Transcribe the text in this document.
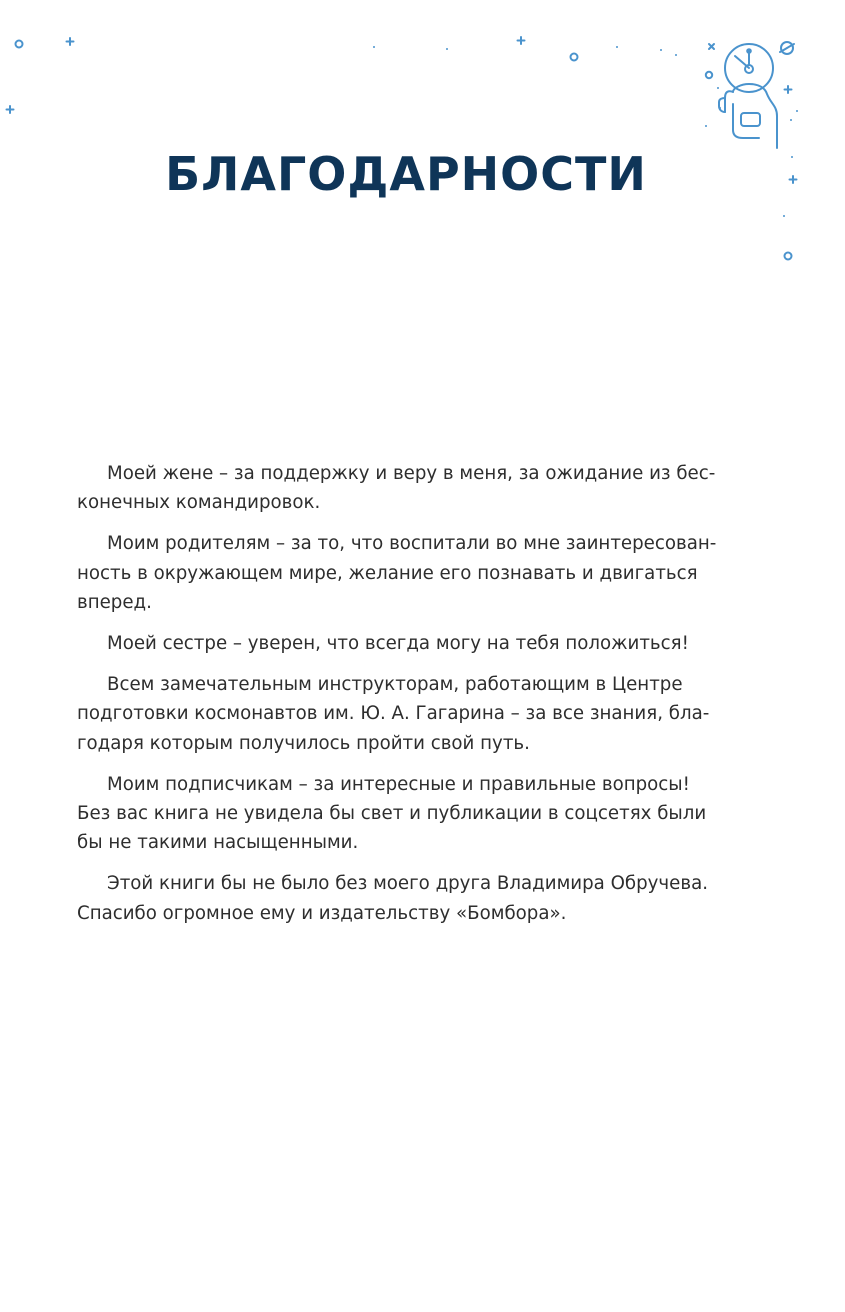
БЛАГОДАРНОСТИ

Моей жене – за поддержку и веру в меня, за ожидание из бес-
конечных командировок.

Моим родителям – за то, что воспитали во мне заинтересован-
ность в окружающем мире, желание его познавать и двигаться
вперед.

Моей сестре – уверен, что всегда могу на тебя положиться!

Всем замечательным инструкторам, работающим в Центре
подготовки космонавтов им. Ю. А. Гагарина – за все знания, бла-
годаря которым получилось пройти свой путь.

Моим подписчикам – за интересные и правильные вопросы!
Без вас книга не увидела бы свет и публикации в соцсетях были
бы не такими насыщенными.

Этой книги бы не было без моего друга Владимира Обручева.
Спасибо огромное ему и издательству «Бомбора».
